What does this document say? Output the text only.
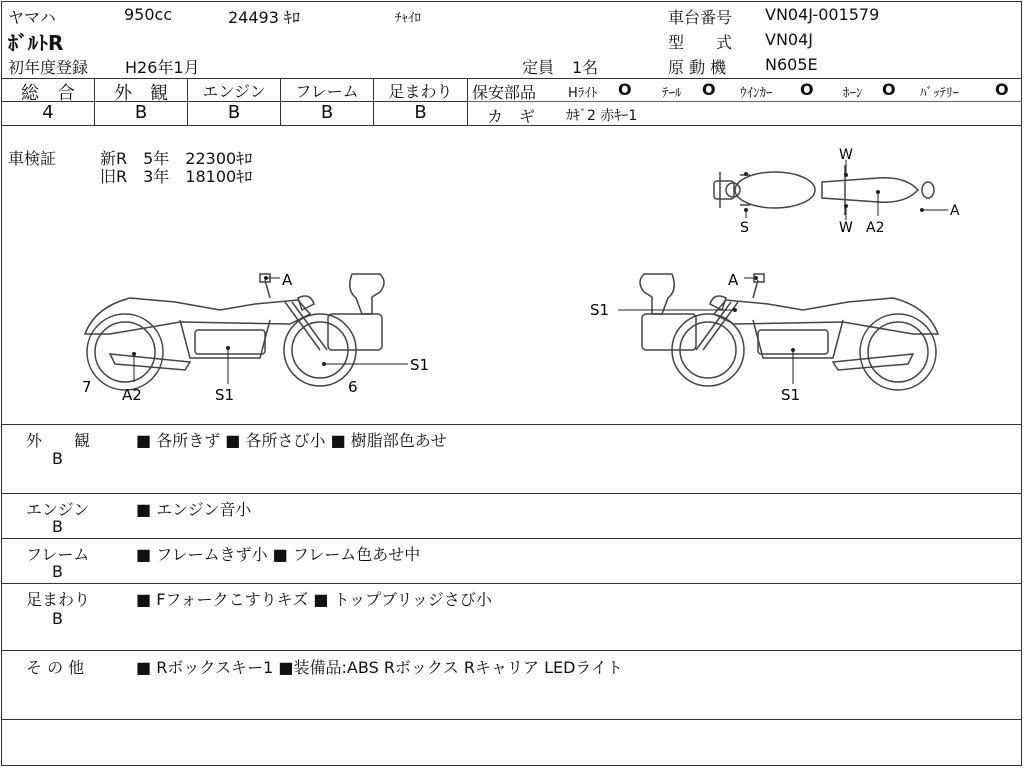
ヤマハ	950cc	24493 ｷﾛ	ﾁｬｲﾛ
ﾎﾞﾙﾄR
初年度登録 H26年1月	定員 1名
車台番号 VN04J-001579
型　　式 VN04J
原 動 機 N605E
総　合	外　観	エンジン	フレーム	足まわり
4	B	B	B	B
保安部品 Hﾗｲﾄ O ﾃｰﾙ O ｳｲﾝｶｰ O ﾎｰﾝ O ﾊﾞｯﾃﾘｰ O
カ　ギ ｶｷﾞ2 赤ｷｰ1
車検証	新R　5年　22300ｷﾛ
旧R　3年　18100ｷﾛ
W
S	W A2
A
A
S1
6
7 A2	S1
A
S1
S1
外　　観
B
■ 各所きず ■ 各所さび小 ■ 樹脂部色あせ
エンジン
B
■ エンジン音小
フレーム
B
■ フレームきず小 ■ フレーム色あせ中
足まわり
B
■ Fフォークこすりキズ ■ トップブリッジさび小
そ の 他	■ Rボックスキー1 ■装備品:ABS Rボックス Rキャリア LEDライト
